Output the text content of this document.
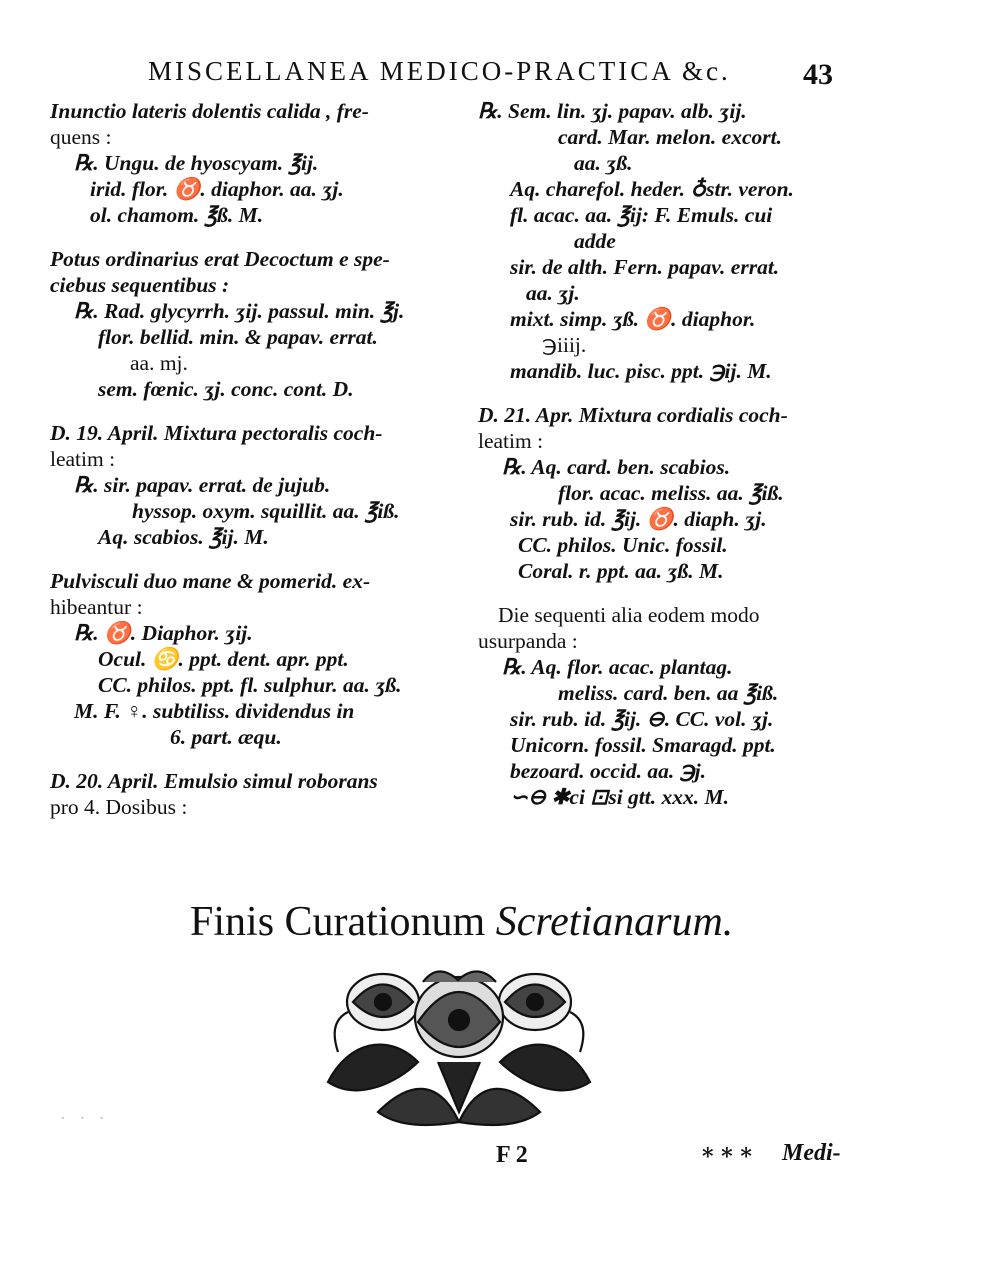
MISCELLANEA MEDICO-PRACTICA &c. 43
Inunctio lateris dolentis calida , fre-
quens :
℞. Ungu. de hyoscyam. ℥ij.
irid. flor. ♉. diaphor. aa. ʒj.
ol. chamom. ℥ß. M.
Potus ordinarius erat Decoctum e spe-
ciebus sequentibus :
℞. Rad. glycyrrh. ʒij. passul. min. ℥j.
flor. bellid. min. & papav. errat.
aa. mj.
sem. fœnic. ʒj. conc. cont. D.
D. 19. April. Mixtura pectoralis coch-
leatim :
℞. sir. papav. errat. de jujub.
hyssop. oxym. squillit. aa. ℥iß.
Aq. scabios. ℥ij. M.
Pulvisculi duo mane & pomerid. ex-
hibeantur :
℞. ♉. Diaphor. ʒij.
Ocul. ♋. ppt. dent. apr. ppt.
CC. philos. ppt. fl. sulphur. aa. ʒß.
M. F. ♀. subtiliss. dividendus in
6. part. æqu.
D. 20. April. Emulsio simul roborans
pro 4. Dosibus :
℞. Sem. lin. ʒj. papav. alb. ʒij.
card. Mar. melon. excort.
aa. ʒß.
Aq. charefol. heder. ♁str. veron.
fl. acac. aa. ℥ij: F. Emuls. cui
adde
sir. de alth. Fern. papav. errat.
aa. ʒj.
mixt. simp. ʒß. ♉. diaphor.
℈iiij.
mandib. luc. pisc. ppt. ℈ij. M.
D. 21. Apr. Mixtura cordialis coch-
leatim :
℞. Aq. card. ben. scabios.
flor. acac. meliss. aa. ℥iß.
sir. rub. id. ℥ij. ♉. diaph. ʒj.
CC. philos. Unic. fossil.
Coral. r. ppt. aa. ʒß. M.
Die sequenti alia eodem modo
usurpanda :
℞. Aq. flor. acac. plantag.
meliss. card. ben. aa ℥iß.
sir. rub. id. ℥ij. ⊖. CC. vol. ʒj.
Unicorn. fossil. Smaragd. ppt.
bezoard. occid. aa. ℈j.
∽⊖ ✱ci ⊡si gtt. xxx. M.
Finis Curationum Scretianarum.
· · ·
F 2	* * * Medi-
